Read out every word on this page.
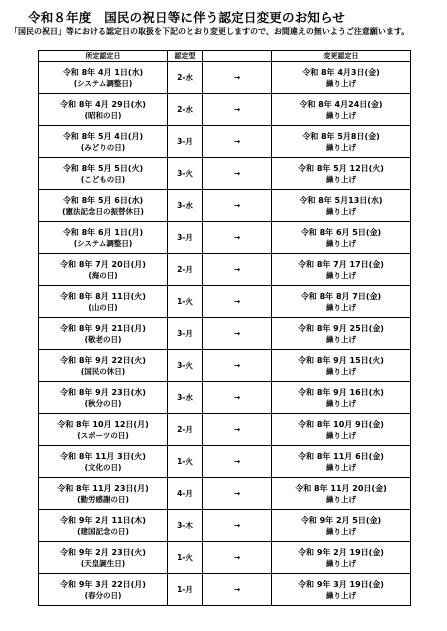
令和８年度　国民の祝日等に伴う認定日変更のお知らせ
「国民の祝日」等における認定日の取扱を下記のとおり変更しますので、お間違えの無いようご注意願います。
所定認定日	認定型		変更認定日

令和 8年 4月 1日(水)
(システム調整日)	2-水	→	令和 8年 4月3日(金)
繰り上げ

令和 8年 4月 29日(水)
(昭和の日)	2-水	→	令和 8年 4月24日(金)
繰り上げ

令和 8年 5月 4日(月)
(みどりの日)	3-月	→	令和 8年 5月8日(金)
繰り上げ

令和 8年 5月 5日(火)
(こどもの日)	3-火	→	令和 8年 5月 12日(火)
繰り上げ

令和 8年 5月 6日(水)
(憲法記念日の振替休日)	3-水	→	令和 8年 5月13日(水)
繰り上げ

令和 8年 6月 1日(月)
(システム調整日)	3-月	→	令和 8年 6月 5日(金)
繰り上げ

令和 8年 7月 20日(月)
(海の日)	2-月	→	令和 8年 7月 17日(金)
繰り上げ

令和 8年 8月 11日(火)
(山の日)	1-火	→	令和 8年 8月 7日(金)
繰り上げ

令和 8年 9月 21日(月)
(敬老の日)	3-月	→	令和 8年 9月 25日(金)
繰り上げ

令和 8年 9月 22日(火)
(国民の休日)	3-火	→	令和 8年 9月 15日(火)
繰り上げ

令和 8年 9月 23日(水)
(秋分の日)	3-水	→	令和 8年 9月 16日(水)
繰り上げ

令和 8年 10月 12日(月)
(スポーツの日)	2-月	→	令和 8年 10月 9日(金)
繰り上げ

令和 8年 11月 3日(火)
(文化の日)	1-火	→	令和 8年 11月 6日(金)
繰り上げ

令和 8年 11月 23日(月)
(勤労感謝の日)	4-月	→	令和 8年 11月 20日(金)
繰り上げ

令和 9年 2月 11日(木)
(建国記念の日)	3-木	→	令和 9年 2月 5日(金)
繰り上げ

令和 9年 2月 23日(火)
(天皇誕生日)	1-火	→	令和 9年 2月 19日(金)
繰り上げ

令和 9年 3月 22日(月)
(春分の日)	1-月	→	令和 9年 3月 19日(金)
繰り上げ
